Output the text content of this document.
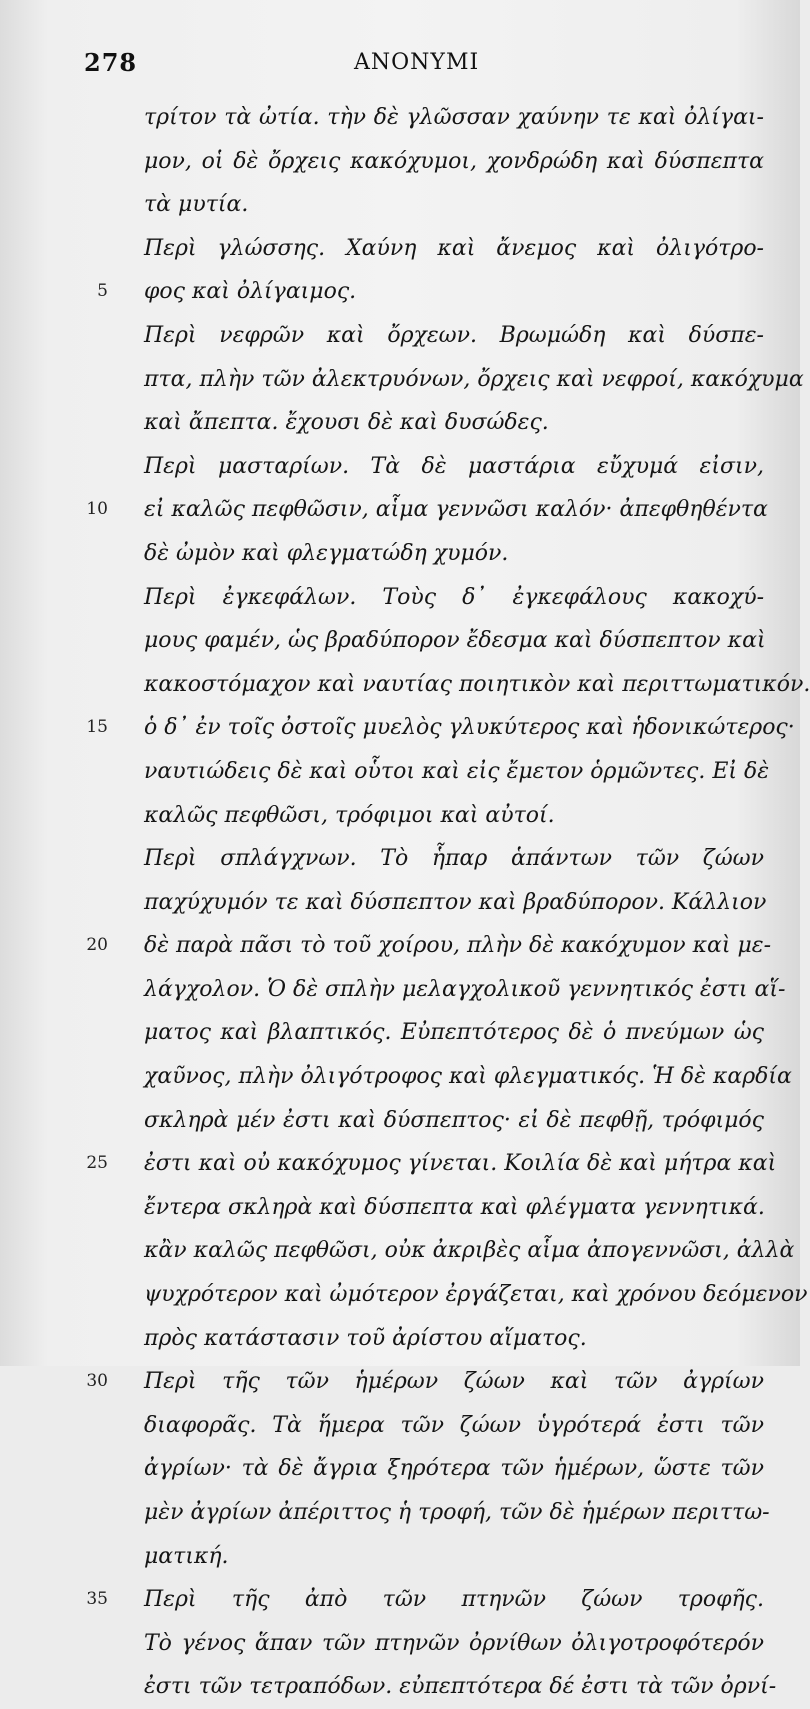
278	ANONYMI
τρίτον τὰ ὠτία. τὴν δὲ γλῶσσαν χαύνην τε καὶ ὀλίγαι-
μον, οἱ δὲ ὄρχεις κακόχυμοι, χονδρώδη καὶ δύσπεπτα
τὰ μυτία.
Περὶ γλώσσης. Χαύνη καὶ ἄνεμος καὶ ὀλιγότρο-
5 φος καὶ ὀλίγαιμος.
Περὶ νεφρῶν καὶ ὄρχεων. Βρωμώδη καὶ δύσπε-
πτα, πλὴν τῶν ἀλεκτρυόνων, ὄρχεις καὶ νεφροί, κακόχυμα
καὶ ἄπεπτα. ἔχουσι δὲ καὶ δυσώδες.
Περὶ μασταρίων. Τὰ δὲ μαστάρια εὔχυμά εἰσιν,
10 εἰ καλῶς πεφθῶσιν, αἷμα γεννῶσι καλόν· ἀπεφθηθέντα
δὲ ὠμὸν καὶ φλεγματώδη χυμόν.
Περὶ ἐγκεφάλων. Τοὺς δ᾽ ἐγκεφάλους κακοχύ-
μους φαμέν, ὡς βραδύπορον ἔδεσμα καὶ δύσπεπτον καὶ
κακοστόμαχον καὶ ναυτίας ποιητικὸν καὶ περιττωματικόν.
15 ὁ δ᾽ ἐν τοῖς ὀστοῖς μυελὸς γλυκύτερος καὶ ἡδονικώτερος·
ναυτιώδεις δὲ καὶ οὗτοι καὶ εἰς ἔμετον ὁρμῶντες. Εἰ δὲ
καλῶς πεφθῶσι, τρόφιμοι καὶ αὐτοί.
Περὶ σπλάγχνων. Τὸ ἧπαρ ἁπάντων τῶν ζώων
παχύχυμόν τε καὶ δύσπεπτον καὶ βραδύπορον. Κάλλιον
20 δὲ παρὰ πᾶσι τὸ τοῦ χοίρου, πλὴν δὲ κακόχυμον καὶ με-
λάγχολον. Ὁ δὲ σπλὴν μελαγχολικοῦ γεννητικός ἐστι αἵ-
ματος καὶ βλαπτικός. Εὐπεπτότερος δὲ ὁ πνεύμων ὡς
χαῦνος, πλὴν ὀλιγότροφος καὶ φλεγματικός. Ἡ δὲ καρδία
σκληρὰ μέν ἐστι καὶ δύσπεπτος· εἰ δὲ πεφθῇ, τρόφιμός
25 ἐστι καὶ οὐ κακόχυμος γίνεται. Κοιλία δὲ καὶ μήτρα καὶ
ἔντερα σκληρὰ καὶ δύσπεπτα καὶ φλέγματα γεννητικά.
κἂν καλῶς πεφθῶσι, οὐκ ἀκριβὲς αἷμα ἀπογεννῶσι, ἀλλὰ
ψυχρότερον καὶ ὠμότερον ἐργάζεται, καὶ χρόνου δεόμενον
πρὸς κατάστασιν τοῦ ἀρίστου αἵματος.
30 Περὶ τῆς τῶν ἡμέρων ζώων καὶ τῶν ἀγρίων
διαφορᾶς. Τὰ ἥμερα τῶν ζώων ὑγρότερά ἐστι τῶν
ἀγρίων· τὰ δὲ ἄγρια ξηρότερα τῶν ἡμέρων, ὥστε τῶν
μὲν ἀγρίων ἀπέριττος ἡ τροφή, τῶν δὲ ἡμέρων περιττω-
ματική.
35 Περὶ τῆς ἀπὸ τῶν πτηνῶν ζώων τροφῆς.
Τὸ γένος ἅπαν τῶν πτηνῶν ὀρνίθων ὀλιγοτροφότερόν
ἐστι τῶν τετραπόδων. εὐπεπτότερα δέ ἐστι τὰ τῶν ὀρνί-
